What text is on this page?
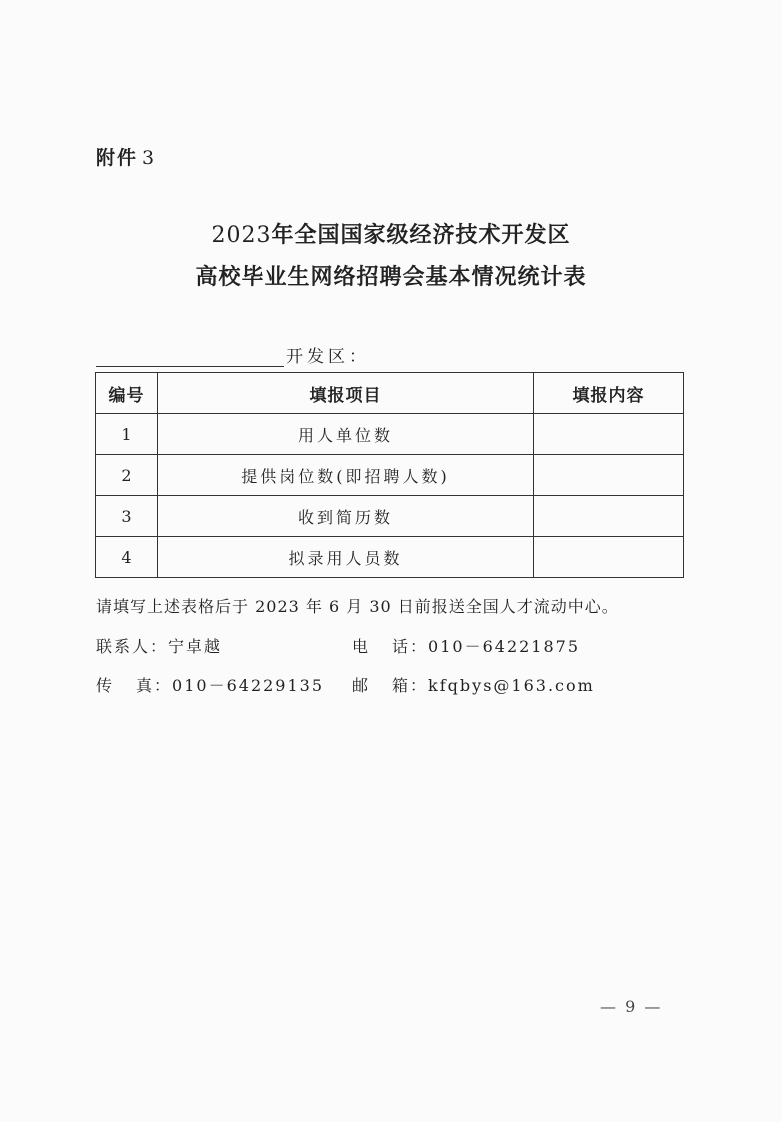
附件 3
2023年全国国家级经济技术开发区
高校毕业生网络招聘会基本情况统计表
开发区：
编号	填报项目	填报内容
1	用人单位数	
2	提供岗位数(即招聘人数)	
3	收到简历数	
4	拟录用人员数	
请填写上述表格后于 2023 年 6 月 30 日前报送全国人才流动中心。
联系人：宁卓越	电 话：010－64221875
传 真：010－64229135 邮 箱：kfqbys@163.com
— 9 —
